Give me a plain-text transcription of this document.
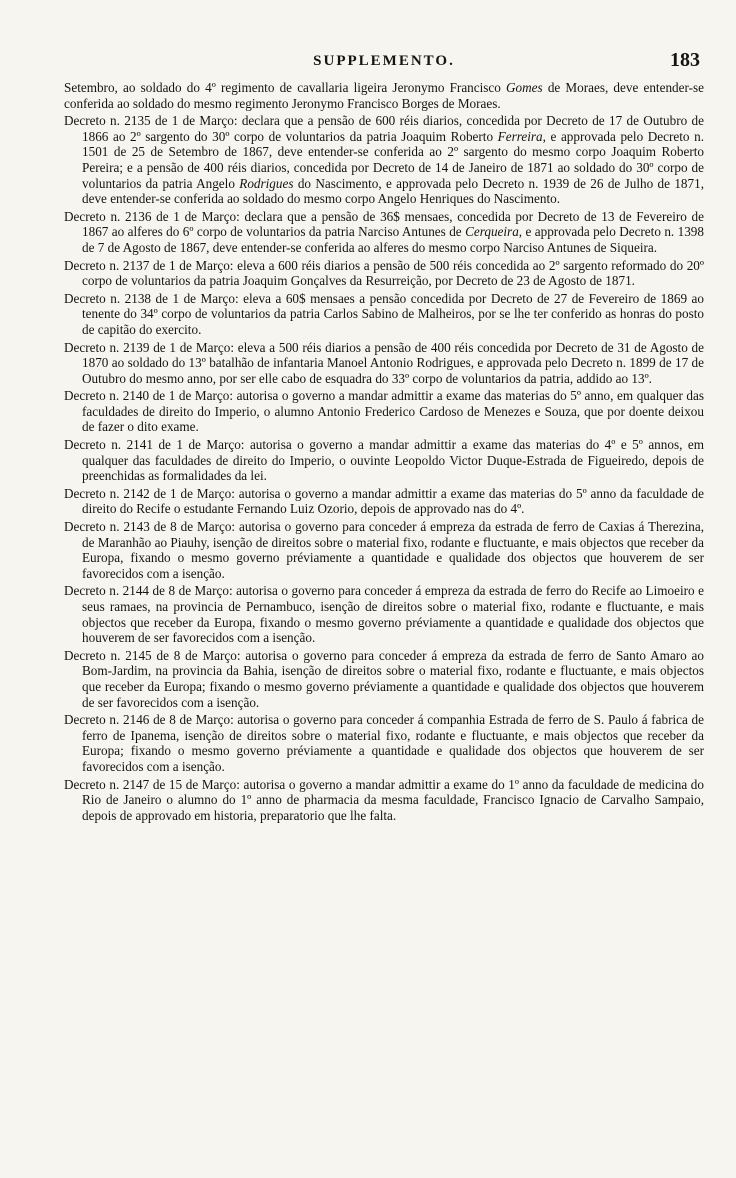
SUPPLEMENTO.	183

Setembro, ao soldado do 4º regimento de cavallaria ligeira Jeronymo Francisco Gomes de Moraes, deve entender-se conferida ao soldado do mesmo regimento Jeronymo Francisco Borges de Moraes.

Decreto n. 2135 de 1 de Março: declara que a pensão de 600 réis diarios, concedida por Decreto de 17 de Outubro de 1866 ao 2º sargento do 30º corpo de voluntarios da patria Joaquim Roberto Ferreira, e approvada pelo Decreto n. 1501 de 25 de Setembro de 1867, deve entender-se conferida ao 2º sargento do mesmo corpo Joaquim Roberto Pereira; e a pensão de 400 réis diarios, concedida por Decreto de 14 de Janeiro de 1871 ao soldado do 30º corpo de voluntarios da patria Angelo Rodrigues do Nascimento, e approvada pelo Decreto n. 1939 de 26 de Julho de 1871, deve entender-se conferida ao soldado do mesmo corpo Angelo Henriques do Nascimento.

Decreto n. 2136 de 1 de Março: declara que a pensão de 36$ mensaes, concedida por Decreto de 13 de Fevereiro de 1867 ao alferes do 6º corpo de voluntarios da patria Narciso Antunes de Cerqueira, e approvada pelo Decreto n. 1398 de 7 de Agosto de 1867, deve entender-se conferida ao alferes do mesmo corpo Narciso Antunes de Siqueira.

Decreto n. 2137 de 1 de Março: eleva a 600 réis diarios a pensão de 500 réis concedida ao 2º sargento reformado do 20º corpo de voluntarios da patria Joaquim Gonçalves da Resurreição, por Decreto de 23 de Agosto de 1871.

Decreto n. 2138 de 1 de Março: eleva a 60$ mensaes a pensão concedida por Decreto de 27 de Fevereiro de 1869 ao tenente do 34º corpo de voluntarios da patria Carlos Sabino de Malheiros, por se lhe ter conferido as honras do posto de capitão do exercito.

Decreto n. 2139 de 1 de Março: eleva a 500 réis diarios a pensão de 400 réis concedida por Decreto de 31 de Agosto de 1870 ao soldado do 13º batalhão de infantaria Manoel Antonio Rodrigues, e approvada pelo Decreto n. 1899 de 17 de Outubro do mesmo anno, por ser elle cabo de esquadra do 33º corpo de voluntarios da patria, addido ao 13º.

Decreto n. 2140 de 1 de Março: autorisa o governo a mandar admittir a exame das materias do 5º anno, em qualquer das faculdades de direito do Imperio, o alumno Antonio Frederico Cardoso de Menezes e Souza, que por doente deixou de fazer o dito exame.

Decreto n. 2141 de 1 de Março: autorisa o governo a mandar admittir a exame das materias do 4º e 5º annos, em qualquer das faculdades de direito do Imperio, o ouvinte Leopoldo Victor Duque-Estrada de Figueiredo, depois de preenchidas as formalidades da lei.

Decreto n. 2142 de 1 de Março: autorisa o governo a mandar admittir a exame das materias do 5º anno da faculdade de direito do Recife o estudante Fernando Luiz Ozorio, depois de approvado nas do 4º.

Decreto n. 2143 de 8 de Março: autorisa o governo para conceder á empreza da estrada de ferro de Caxias á Therezina, de Maranhão ao Piauhy, isenção de direitos sobre o material fixo, rodante e fluctuante, e mais objectos que receber da Europa, fixando o mesmo governo préviamente a quantidade e qualidade dos objectos que houverem de ser favorecidos com a isenção.

Decreto n. 2144 de 8 de Março: autorisa o governo para conceder á empreza da estrada de ferro do Recife ao Limoeiro e seus ramaes, na provincia de Pernambuco, isenção de direitos sobre o material fixo, rodante e fluctuante, e mais objectos que receber da Europa, fixando o mesmo governo préviamente a quantidade e qualidade dos objectos que houverem de ser favorecidos com a isenção.

Decreto n. 2145 de 8 de Março: autorisa o governo para conceder á empreza da estrada de ferro de Santo Amaro ao Bom-Jardim, na provincia da Bahia, isenção de direitos sobre o material fixo, rodante e fluctuante, e mais objectos que receber da Europa; fixando o mesmo governo préviamente a quantidade e qualidade dos objectos que houverem de ser favorecidos com a isenção.

Decreto n. 2146 de 8 de Março: autorisa o governo para conceder á companhia Estrada de ferro de S. Paulo á fabrica de ferro de Ipanema, isenção de direitos sobre o material fixo, rodante e fluctuante, e mais objectos que receber da Europa; fixando o mesmo governo préviamente a quantidade e qualidade dos objectos que houverem de ser favorecidos com a isenção.

Decreto n. 2147 de 15 de Março: autorisa o governo a mandar admittir a exame do 1º anno da faculdade de medicina do Rio de Janeiro o alumno do 1º anno de pharmacia da mesma faculdade, Francisco Ignacio de Carvalho Sampaio, depois de approvado em historia, preparatorio que lhe falta.
